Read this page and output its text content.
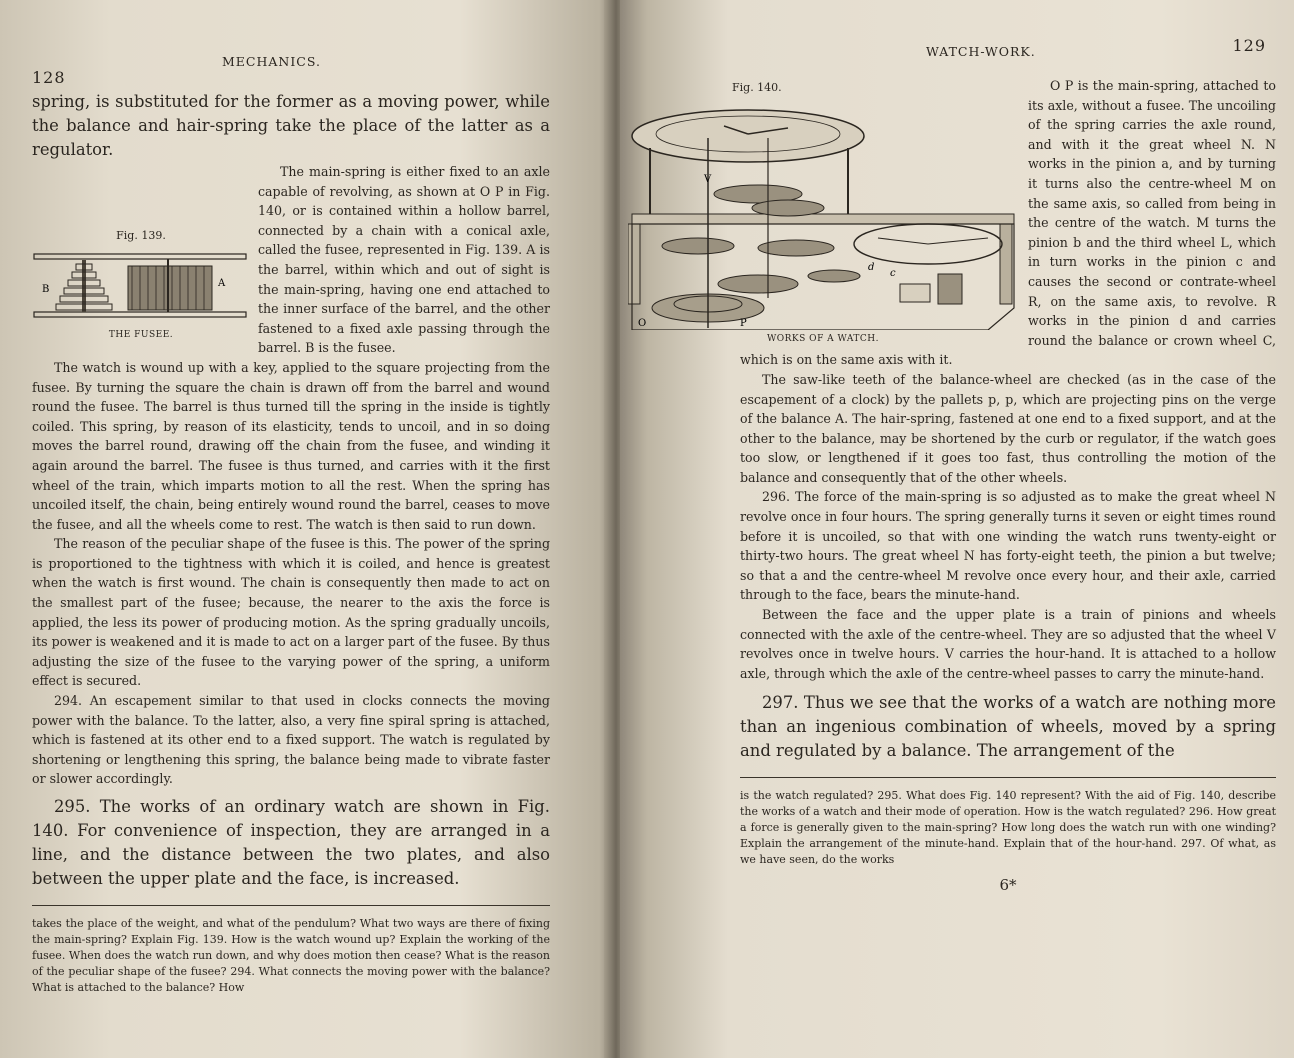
128
MECHANICS.

spring, is substituted for the former as a moving power, while the balance and hair-spring take the place of the latter as a regulator.

Fig. 139.
A
B
THE FUSEE.

The main-spring is either fixed to an axle capable of revolving, as shown at O P in Fig. 140, or is contained within a hollow barrel, connected by a chain with a conical axle, called the fusee, represented in Fig. 139. A is the barrel, within which and out of sight is the main-spring, having one end attached to the inner surface of the barrel, and the other fastened to a fixed axle passing through the barrel. B is the fusee.

The watch is wound up with a key, applied to the square projecting from the fusee. By turning the square the chain is drawn off from the barrel and wound round the fusee. The barrel is thus turned till the spring in the inside is tightly coiled. This spring, by reason of its elasticity, tends to uncoil, and in so doing moves the barrel round, drawing off the chain from the fusee, and winding it again around the barrel. The fusee is thus turned, and carries with it the first wheel of the train, which imparts motion to all the rest. When the spring has uncoiled itself, the chain, being entirely wound round the barrel, ceases to move the fusee, and all the wheels come to rest. The watch is then said to run down.

The reason of the peculiar shape of the fusee is this. The power of the spring is proportioned to the tightness with which it is coiled, and hence is greatest when the watch is first wound. The chain is consequently then made to act on the smallest part of the fusee; because, the nearer to the axis the force is applied, the less its power of producing motion. As the spring gradually uncoils, its power is weakened and it is made to act on a larger part of the fusee. By thus adjusting the size of the fusee to the varying power of the spring, a uniform effect is secured.

294. An escapement similar to that used in clocks connects the moving power with the balance. To the latter, also, a very fine spiral spring is attached, which is fastened at its other end to a fixed support. The watch is regulated by shortening or lengthening this spring, the balance being made to vibrate faster or slower accordingly.

295. The works of an ordinary watch are shown in Fig. 140. For convenience of inspection, they are arranged in a line, and the distance between the two plates, and also between the upper plate and the face, is increased.

takes the place of the weight, and what of the pendulum? What two ways are there of fixing the main-spring? Explain Fig. 139. How is the watch wound up? Explain the working of the fusee. When does the watch run down, and why does motion then cease? What is the reason of the peculiar shape of the fusee? 294. What connects the moving power with the balance? What is attached to the balance? How

WATCH-WORK.	129
Fig. 140.
O	P
V
d
c
WORKS OF A WATCH.

O P is the main-spring, attached to its axle, without a fusee. The uncoiling of the spring carries the axle round, and with it the great wheel N. N works in the pinion a, and by turning it turns also the centre-wheel M on the same axis, so called from being in the centre of the watch. M turns the pinion b and the third wheel L, which in turn works in the pinion c and causes the second or contrate-wheel R, on the same axis, to revolve. R works in the pinion d and carries round the balance or crown wheel C, which is on the same axis with it.

The saw-like teeth of the balance-wheel are checked (as in the case of the escapement of a clock) by the pallets p, p, which are projecting pins on the verge of the balance A. The hair-spring, fastened at one end to a fixed support, and at the other to the balance, may be shortened by the curb or regulator, if the watch goes too slow, or lengthened if it goes too fast, thus controlling the motion of the balance and consequently that of the other wheels.

296. The force of the main-spring is so adjusted as to make the great wheel N revolve once in four hours. The spring generally turns it seven or eight times round before it is uncoiled, so that with one winding the watch runs twenty-eight or thirty-two hours. The great wheel N has forty-eight teeth, the pinion a but twelve; so that a and the centre-wheel M revolve once every hour, and their axle, carried through to the face, bears the minute-hand.

Between the face and the upper plate is a train of pinions and wheels connected with the axle of the centre-wheel. They are so adjusted that the wheel V revolves once in twelve hours. V carries the hour-hand. It is attached to a hollow axle, through which the axle of the centre-wheel passes to carry the minute-hand.

297. Thus we see that the works of a watch are nothing more than an ingenious combination of wheels, moved by a spring and regulated by a balance. The arrangement of the

is the watch regulated? 295. What does Fig. 140 represent? With the aid of Fig. 140, describe the works of a watch and their mode of operation. How is the watch regulated? 296. How great a force is generally given to the main-spring? How long does the watch run with one winding? Explain the arrangement of the minute-hand. Explain that of the hour-hand. 297. Of what, as we have seen, do the works

6*
